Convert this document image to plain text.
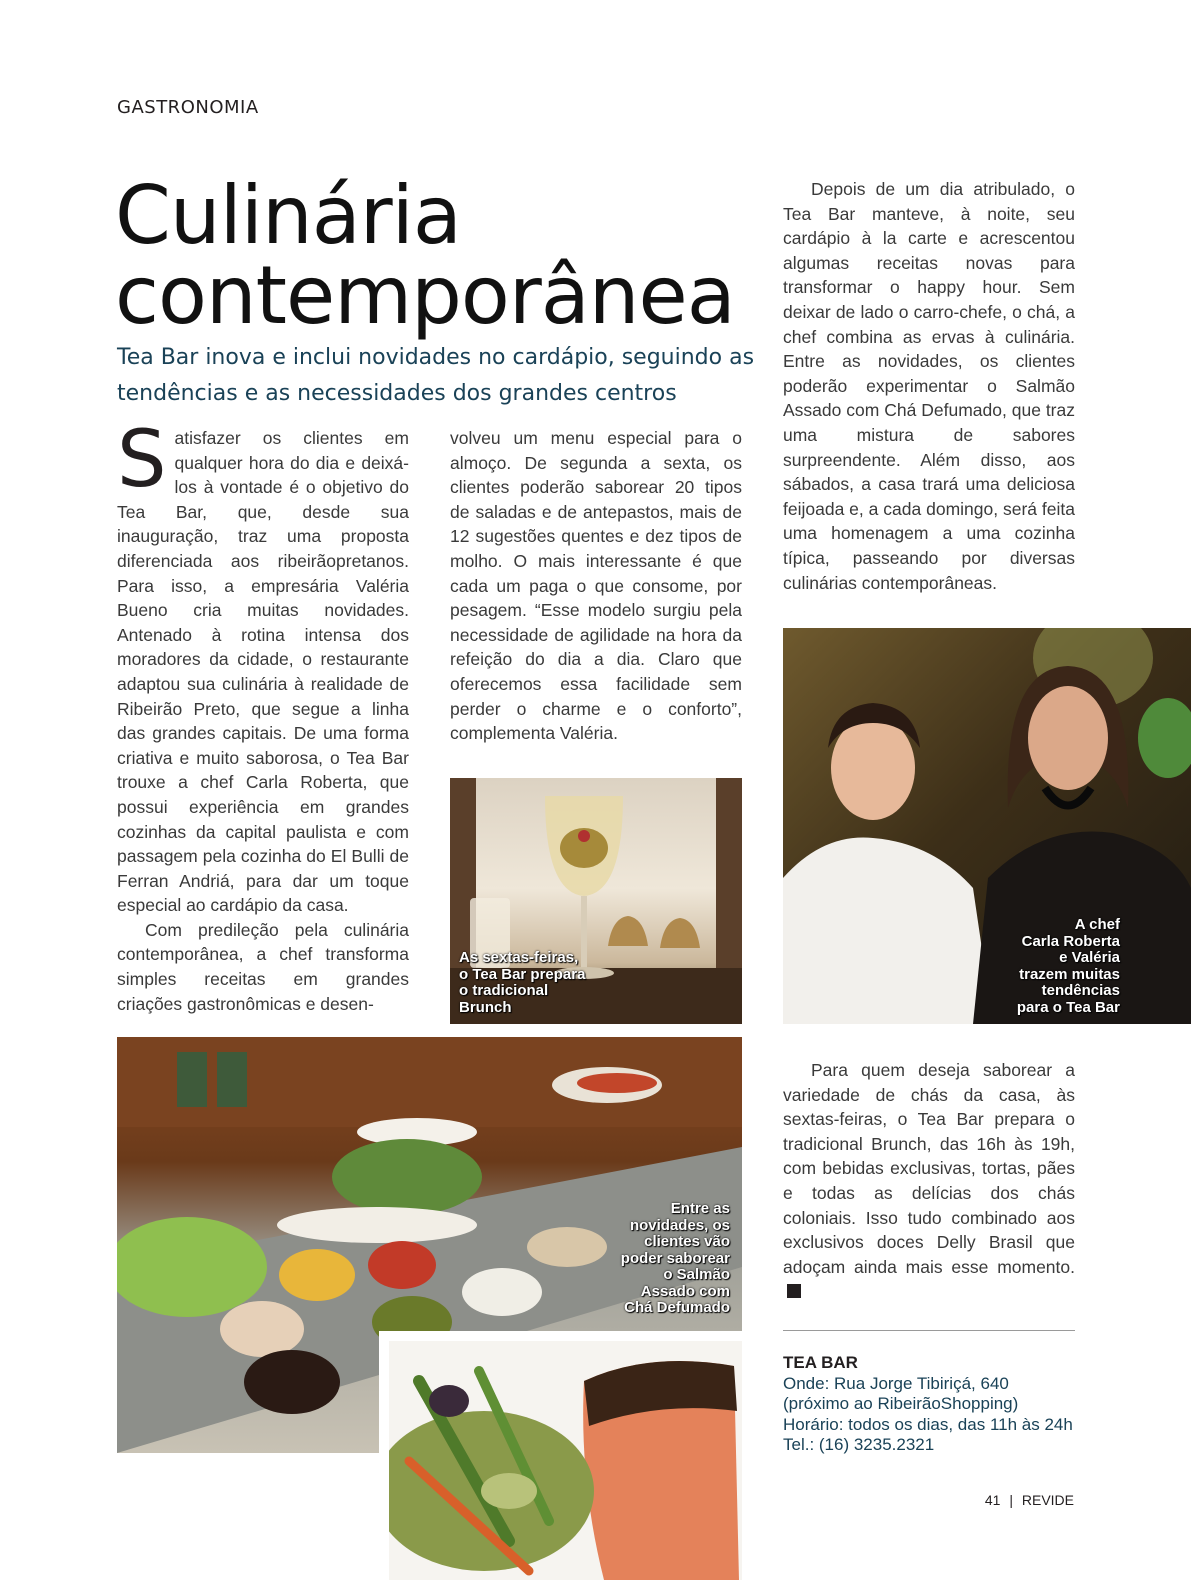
GASTRONOMIA
Culinária
contemporânea
Tea Bar inova e inclui novidades no cardápio, seguindo as tendências e as necessidades dos grandes centros

Satisfazer os clientes em qualquer hora do dia e deixá-los à vontade é o objetivo do Tea Bar, que, desde sua inauguração, traz uma proposta diferenciada aos ribeirãopretanos. Para isso, a empresária Valéria Bueno cria muitas novidades. Antenado à rotina intensa dos moradores da cidade, o restaurante adaptou sua culinária à realidade de Ribeirão Preto, que segue a linha das grandes capitais. De uma forma criativa e muito saborosa, o Tea Bar trouxe a chef Carla Roberta, que possui experiência em grandes cozinhas da capital paulista e com passagem pela cozinha do El Bulli de Ferran Andriá, para dar um toque especial ao cardápio da casa.

Com predileção pela culinária contemporânea, a chef transforma simples receitas em grandes criações gastronômicas e desen-

volveu um menu especial para o almoço. De segunda a sexta, os clientes poderão saborear 20 tipos de saladas e de antepastos, mais de 12 sugestões quentes e dez tipos de molho. O mais interessante é que cada um paga o que consome, por pesagem. “Esse modelo surgiu pela necessidade de agilidade na hora da refeição do dia a dia. Claro que oferecemos essa facilidade sem perder o charme e o conforto”, complementa Valéria.

Depois de um dia atribulado, o Tea Bar manteve, à noite, seu cardápio à la carte e acrescentou algumas receitas novas para transformar o happy hour. Sem deixar de lado o carro-chefe, o chá, a chef combina as ervas à culinária. Entre as novidades, os clientes poderão experimentar o Salmão Assado com Chá Defumado, que traz uma mistura de sabores surpreendente. Além disso, aos sábados, a casa trará uma deliciosa feijoada e, a cada domingo, será feita uma homenagem a uma cozinha típica, passeando por diversas culinárias contemporâneas.

As sextas-feiras,
o Tea Bar prepara
o tradicional
Brunch
A chef
Carla Roberta
e Valéria
trazem muitas
tendências
para o Tea Bar
Entre as
novidades, os
clientes vão
poder saborear
o Salmão
Assado com
Chá Defumado

Para quem deseja saborear a variedade de chás da casa, às sextas-feiras, o Tea Bar prepara o tradicional Brunch, das 16h às 19h, com bebidas exclusivas, tortas, pães e todas as delícias dos chás coloniais. Isso tudo combinado aos exclusivos doces Delly Brasil que adoçam ainda mais esse momento.r

TEA BAR
Onde: Rua Jorge Tibiriçá, 640
(próximo ao RibeirãoShopping)
Horário: todos os dias, das 11h às 24h
Tel.: (16) 3235.2321
41 | REVIDE
